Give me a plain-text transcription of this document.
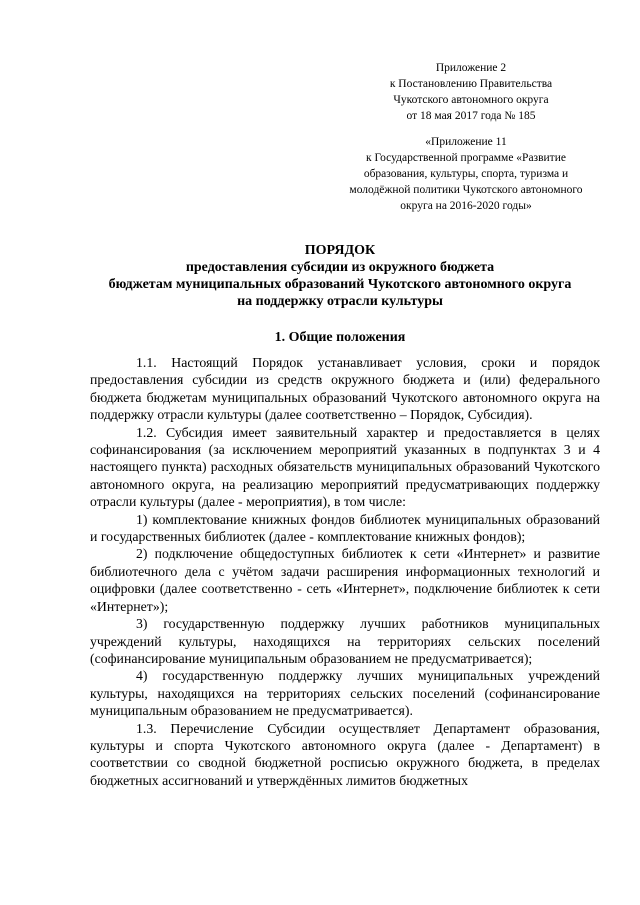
Приложение 2
к Постановлению Правительства
Чукотского автономного округа
от 18 мая 2017 года № 185
«Приложение 11
к Государственной программе «Развитие
образования, культуры, спорта, туризма и
молодёжной политики Чукотского автономного
округа на 2016-2020 годы»
ПОРЯДОК
предоставления субсидии из окружного бюджета
бюджетам муниципальных образований Чукотского автономного округа
на поддержку отрасли культуры
1. Общие положения

1.1. Настоящий Порядок устанавливает условия, сроки и порядок предоставления субсидии из средств окружного бюджета и (или) федерального бюджета бюджетам муниципальных образований Чукотского автономного округа на поддержку отрасли культуры (далее соответственно – Порядок, Субсидия).

1.2. Субсидия имеет заявительный характер и предоставляется в целях софинансирования (за исключением мероприятий указанных в подпунктах 3 и 4 настоящего пункта) расходных обязательств муниципальных образований Чукотского автономного округа, на реализацию мероприятий предусматривающих поддержку отрасли культуры (далее - мероприятия), в том числе:

1) комплектование книжных фондов библиотек муниципальных образований и государственных библиотек (далее - комплектование книжных фондов);

2) подключение общедоступных библиотек к сети «Интернет» и развитие библиотечного дела с учётом задачи расширения информационных технологий и оцифровки (далее соответственно - сеть «Интернет», подключение библиотек к сети «Интернет»);

3) государственную поддержку лучших работников муниципальных учреждений культуры, находящихся на территориях сельских поселений (софинансирование муниципальным образованием не предусматривается);

4) государственную поддержку лучших муниципальных учреждений культуры, находящихся на территориях сельских поселений (софинансирование муниципальным образованием не предусматривается).

1.3. Перечисление Субсидии осуществляет Департамент образования, культуры и спорта Чукотского автономного округа (далее - Департамент) в соответствии со сводной бюджетной росписью окружного бюджета, в пределах бюджетных ассигнований и утверждённых лимитов бюджетных
